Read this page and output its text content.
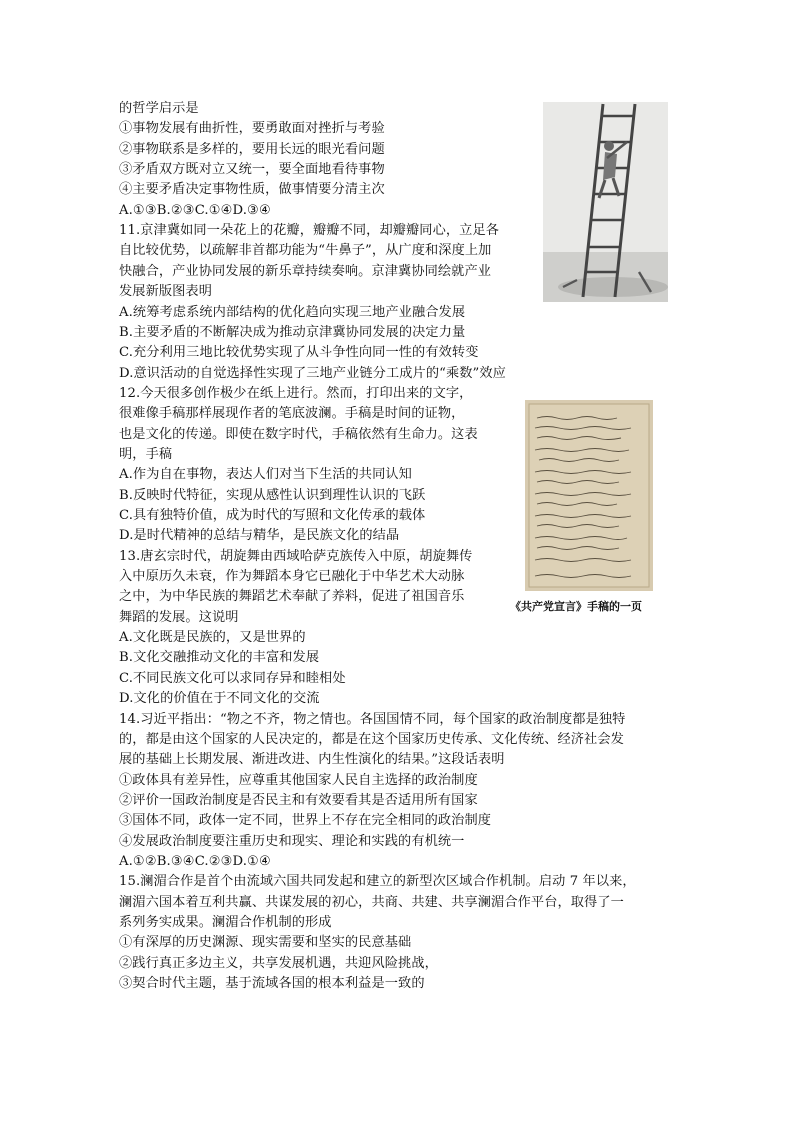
的哲学启示是
①事物发展有曲折性，要勇敢面对挫折与考验
②事物联系是多样的，要用长远的眼光看问题
③矛盾双方既对立又统一，要全面地看待事物
④主要矛盾决定事物性质，做事情要分清主次
A.①③B.②③C.①④D.③④
11.京津冀如同一朵花上的花瓣，瓣瓣不同，却瓣瓣同心，立足各
自比较优势，以疏解非首都功能为“牛鼻子”，从广度和深度上加
快融合，产业协同发展的新乐章持续奏响。京津冀协同绘就产业
发展新版图表明
A.统筹考虑系统内部结构的优化趋向实现三地产业融合发展
B.主要矛盾的不断解决成为推动京津冀协同发展的决定力量
C.充分利用三地比较优势实现了从斗争性向同一性的有效转变
D.意识活动的自觉选择性实现了三地产业链分工成片的“乘数”效应
12.今天很多创作极少在纸上进行。然而，打印出来的文字，
很难像手稿那样展现作者的笔底波澜。手稿是时间的证物，
也是文化的传递。即使在数字时代，手稿依然有生命力。这表
明，手稿
A.作为自在事物，表达人们对当下生活的共同认知
B.反映时代特征，实现从感性认识到理性认识的飞跃
C.具有独特价值，成为时代的写照和文化传承的载体
D.是时代精神的总结与精华，是民族文化的结晶
13.唐玄宗时代，胡旋舞由西域哈萨克族传入中原，胡旋舞传
入中原历久未衰，作为舞蹈本身它已融化于中华艺术大动脉
之中，为中华民族的舞蹈艺术奉献了养料，促进了祖国音乐
舞蹈的发展。这说明
A.文化既是民族的，又是世界的
B.文化交融推动文化的丰富和发展
C.不同民族文化可以求同存异和睦相处
D.文化的价值在于不同文化的交流
14.习近平指出：“物之不齐，物之情也。各国国情不同，每个国家的政治制度都是独特
的，都是由这个国家的人民决定的，都是在这个国家历史传承、文化传统、经济社会发
展的基础上长期发展、渐进改进、内生性演化的结果。”这段话表明
①政体具有差异性，应尊重其他国家人民自主选择的政治制度
②评价一国政治制度是否民主和有效要看其是否适用所有国家
③国体不同，政体一定不同，世界上不存在完全相同的政治制度
④发展政治制度要注重历史和现实、理论和实践的有机统一
A.①②B.③④C.②③D.①④
15.澜湄合作是首个由流域六国共同发起和建立的新型次区域合作机制。启动 7 年以来，
澜湄六国本着互利共赢、共谋发展的初心，共商、共建、共享澜湄合作平台，取得了一
系列务实成果。澜湄合作机制的形成
①有深厚的历史渊源、现实需要和坚实的民意基础
②践行真正多边主义，共享发展机遇，共迎风险挑战，
③契合时代主题，基于流域各国的根本利益是一致的
《共产党宣言》手稿的一页
